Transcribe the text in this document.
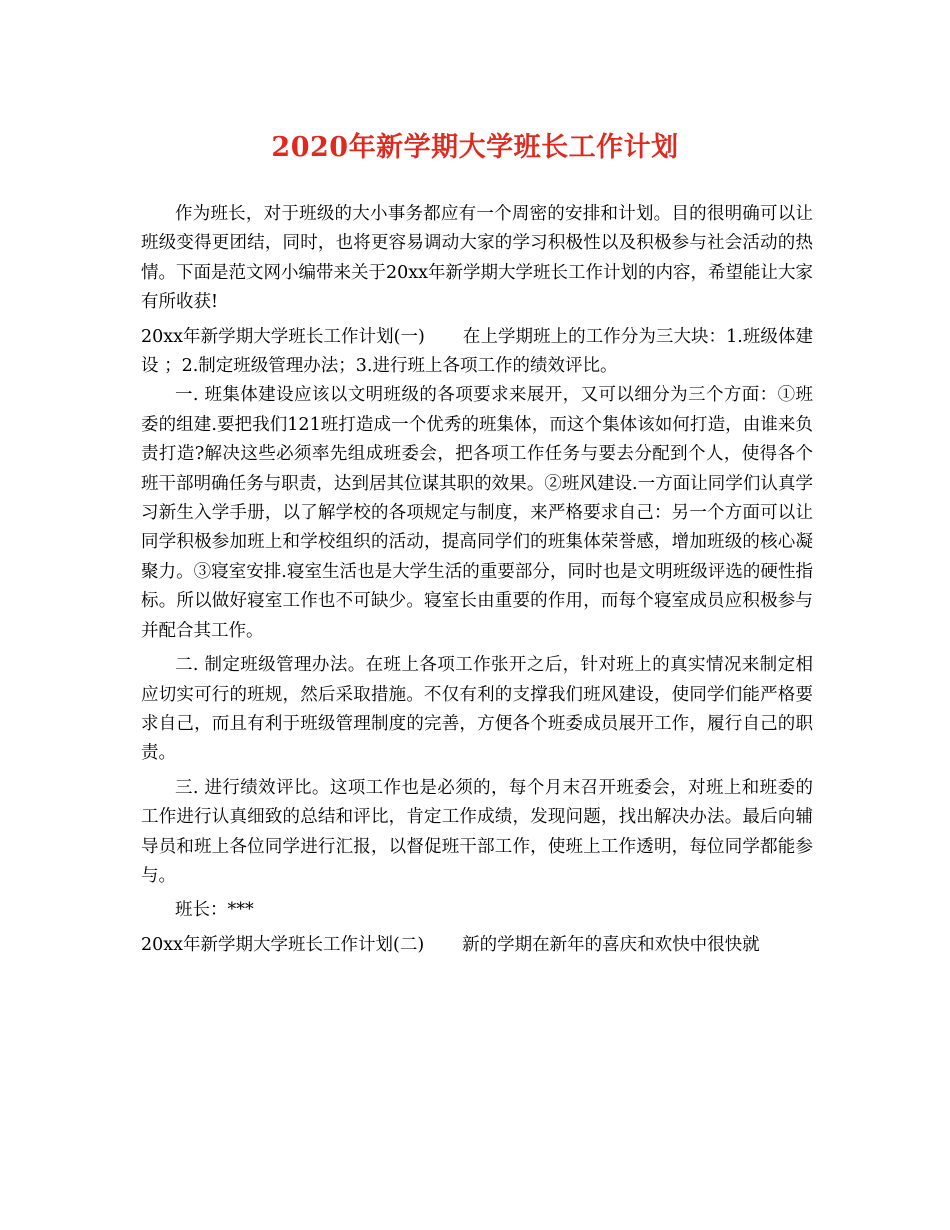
2020年新学期大学班长工作计划

作为班长，对于班级的大小事务都应有一个周密的安排和计划。目的很明确可以让班级变得更团结，同时，也将更容易调动大家的学习积极性以及积极参与社会活动的热情。下面是范文网小编带来关于20xx年新学期大学班长工作计划的内容，希望能让大家有所收获!

20xx年新学期大学班长工作计划(一) 在上学期班上的工作分为三大块：1.班级体建设 ；2.制定班级管理办法；3.进行班上各项工作的绩效评比。

一. 班集体建设应该以文明班级的各项要求来展开，又可以细分为三个方面：①班委的组建.要把我们121班打造成一个优秀的班集体，而这个集体该如何打造，由谁来负责打造?解决这些必须率先组成班委会，把各项工作任务与要去分配到个人，使得各个班干部明确任务与职责，达到居其位谋其职的效果。②班风建设.一方面让同学们认真学习新生入学手册，以了解学校的各项规定与制度，来严格要求自己：另一个方面可以让同学积极参加班上和学校组织的活动，提高同学们的班集体荣誉感，增加班级的核心凝聚力。③寝室安排.寝室生活也是大学生活的重要部分，同时也是文明班级评选的硬性指标。所以做好寝室工作也不可缺少。寝室长由重要的作用，而每个寝室成员应积极参与并配合其工作。

二. 制定班级管理办法。在班上各项工作张开之后，针对班上的真实情况来制定相应切实可行的班规，然后采取措施。不仅有利的支撑我们班风建设，使同学们能严格要求自己，而且有利于班级管理制度的完善，方便各个班委成员展开工作，履行自己的职责。

三. 进行绩效评比。这项工作也是必须的，每个月末召开班委会，对班上和班委的工作进行认真细致的总结和评比，肯定工作成绩，发现问题，找出解决办法。最后向辅导员和班上各位同学进行汇报，以督促班干部工作，使班上工作透明，每位同学都能参与。

班长：***

20xx年新学期大学班长工作计划(二) 新的学期在新年的喜庆和欢快中很快就
